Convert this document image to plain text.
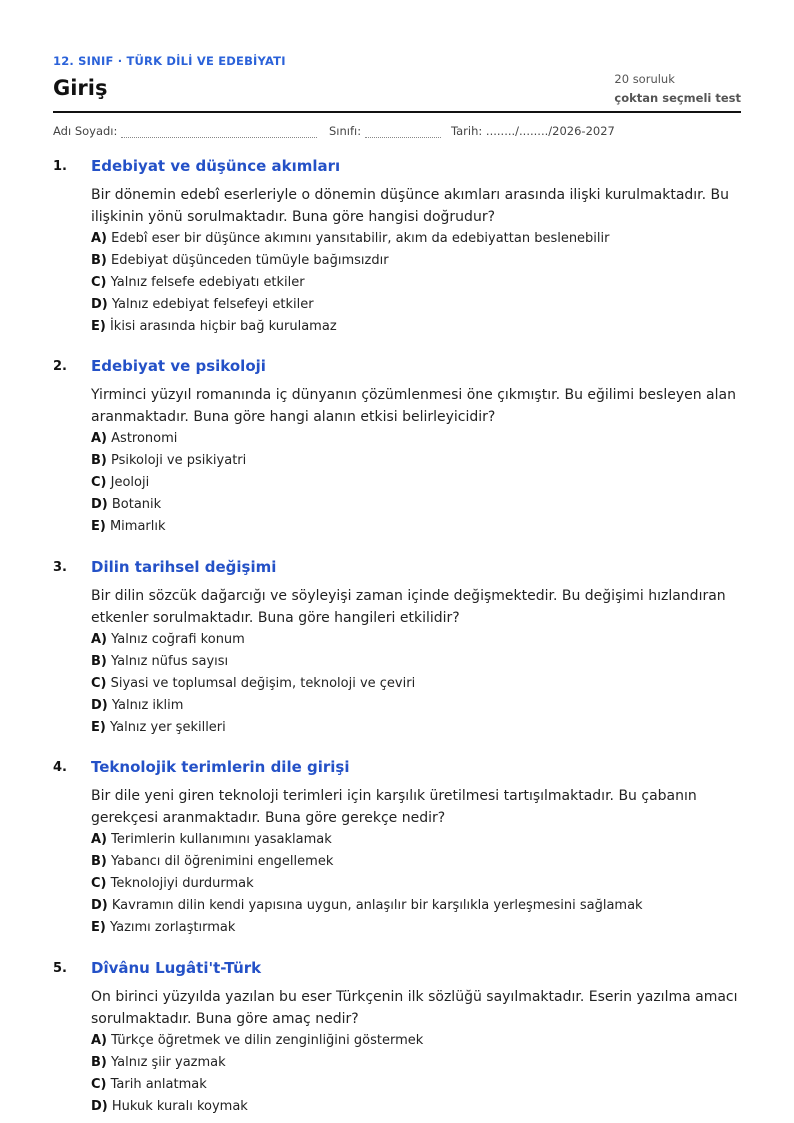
12. SINIF · TÜRK DİLİ VE EDEBİYATI
Giriş	20 soruluk
çoktan seçmeli test
Adı Soyadı:	Sınıfı:	Tarih: ......../......../2026-2027
1. Edebiyat ve düşünce akımları
Bir dönemin edebî eserleriyle o dönemin düşünce akımları arasında ilişki kurulmaktadır. Bu ilişkinin yönü sorulmaktadır. Buna göre hangisi doğrudur?
A) Edebî eser bir düşünce akımını yansıtabilir, akım da edebiyattan beslenebilir
B) Edebiyat düşünceden tümüyle bağımsızdır
C) Yalnız felsefe edebiyatı etkiler
D) Yalnız edebiyat felsefeyi etkiler
E) İkisi arasında hiçbir bağ kurulamaz
2. Edebiyat ve psikoloji
Yirminci yüzyıl romanında iç dünyanın çözümlenmesi öne çıkmıştır. Bu eğilimi besleyen alan aranmaktadır. Buna göre hangi alanın etkisi belirleyicidir?
A) Astronomi
B) Psikoloji ve psikiyatri
C) Jeoloji
D) Botanik
E) Mimarlık
3. Dilin tarihsel değişimi
Bir dilin sözcük dağarcığı ve söyleyişi zaman içinde değişmektedir. Bu değişimi hızlandıran etkenler sorulmaktadır. Buna göre hangileri etkilidir?
A) Yalnız coğrafi konum
B) Yalnız nüfus sayısı
C) Siyasi ve toplumsal değişim, teknoloji ve çeviri
D) Yalnız iklim
E) Yalnız yer şekilleri
4. Teknolojik terimlerin dile girişi
Bir dile yeni giren teknoloji terimleri için karşılık üretilmesi tartışılmaktadır. Bu çabanın gerekçesi aranmaktadır. Buna göre gerekçe nedir?
A) Terimlerin kullanımını yasaklamak
B) Yabancı dil öğrenimini engellemek
C) Teknolojiyi durdurmak
D) Kavramın dilin kendi yapısına uygun, anlaşılır bir karşılıkla yerleşmesini sağlamak
E) Yazımı zorlaştırmak
5. Dîvânu Lugâti't-Türk
On birinci yüzyılda yazılan bu eser Türkçenin ilk sözlüğü sayılmaktadır. Eserin yazılma amacı sorulmaktadır. Buna göre amaç nedir?
A) Türkçe öğretmek ve dilin zenginliğini göstermek
B) Yalnız şiir yazmak
C) Tarih anlatmak
D) Hukuk kuralı koymak
